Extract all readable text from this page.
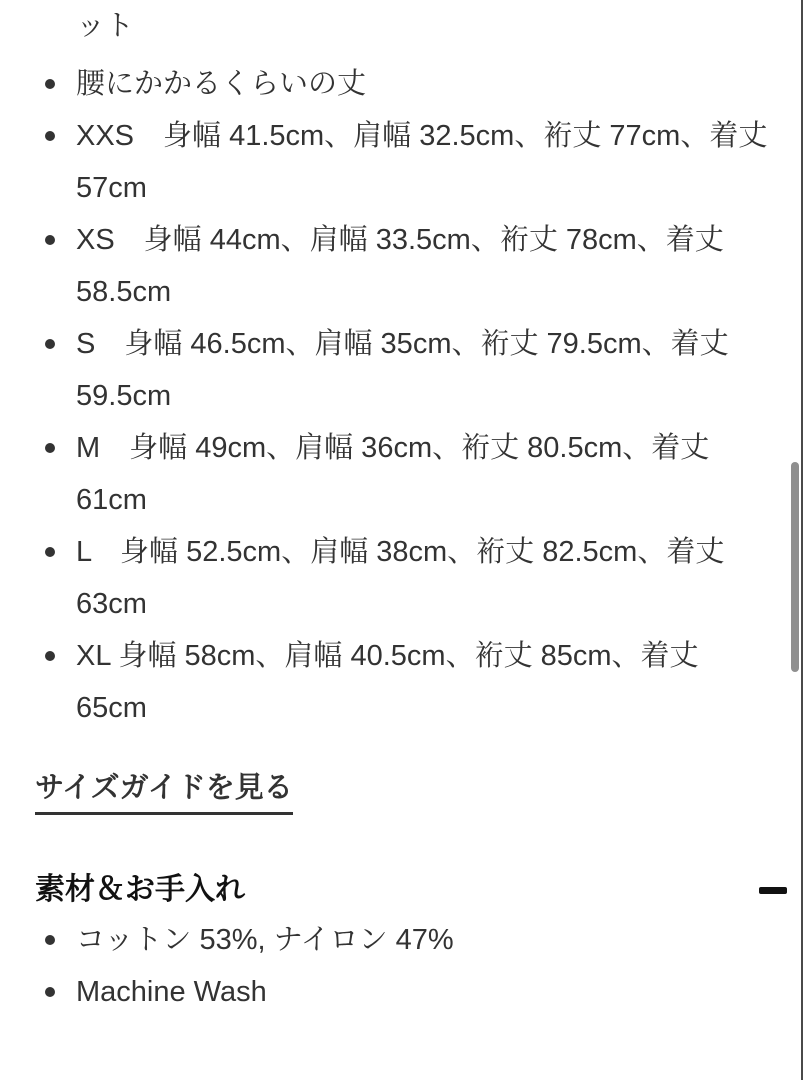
ット
腰にかかるくらいの丈
XXS　身幅 41.5cm、肩幅 32.5cm、裄丈 77cm、着丈
57cm
XS　身幅 44cm、肩幅 33.5cm、裄丈 78cm、着丈
58.5cm
S　身幅 46.5cm、肩幅 35cm、裄丈 79.5cm、着丈
59.5cm
M　身幅 49cm、肩幅 36cm、裄丈 80.5cm、着丈
61cm
L　身幅 52.5cm、肩幅 38cm、裄丈 82.5cm、着丈
63cm
XL 身幅 58cm、肩幅 40.5cm、裄丈 85cm、着丈
65cm
サイズガイドを見る
素材＆お手入れ
コットン 53%, ナイロン 47%
Machine Wash
